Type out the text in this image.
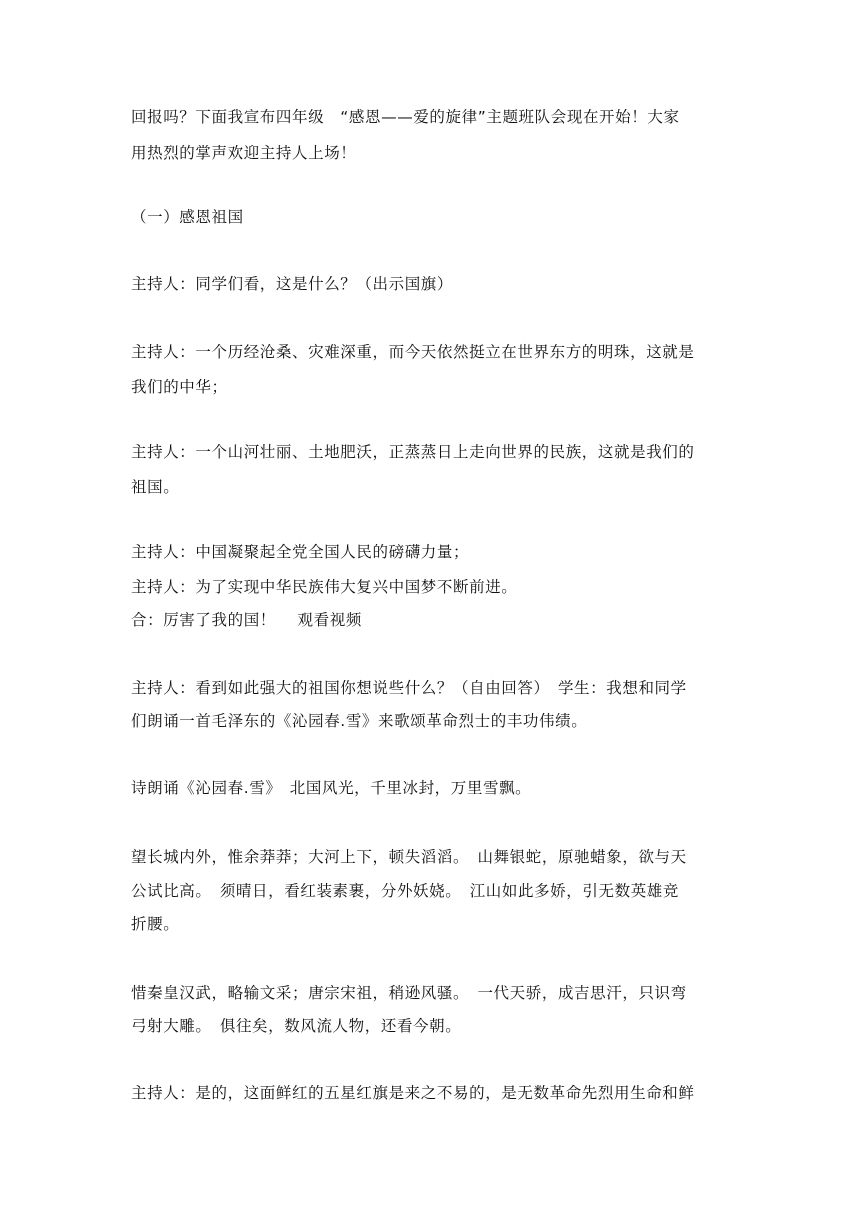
回报吗？下面我宣布四年级　“感恩——爱的旋律”主题班队会现在开始！大家

用热烈的掌声欢迎主持人上场！

（一）感恩祖国

主持人：同学们看，这是什么？（出示国旗）

主持人：一个历经沧桑、灾难深重，而今天依然挺立在世界东方的明珠，这就是

我们的中华；

主持人：一个山河壮丽、土地肥沃，正蒸蒸日上走向世界的民族，这就是我们的

祖国。

主持人：中国凝聚起全党全国人民的磅礴力量；

主持人：为了实现中华民族伟大复兴中国梦不断前进。

合：厉害了我的国！　 观看视频

主持人：看到如此强大的祖国你想说些什么？（自由回答）　学生：我想和同学

们朗诵一首毛泽东的《沁园春.雪》来歌颂革命烈士的丰功伟绩。

诗朗诵《沁园春.雪》　北国风光，千里冰封，万里雪飘。

望长城内外，惟余莽莽；大河上下，顿失滔滔。　山舞银蛇，原驰蜡象，欲与天

公试比高。　须晴日，看红装素裹，分外妖娆。　江山如此多娇，引无数英雄竞

折腰。

惜秦皇汉武，略输文采；唐宗宋祖，稍逊风骚。　一代天骄，成吉思汗，只识弯

弓射大雕。　俱往矣，数风流人物，还看今朝。

主持人：是的，这面鲜红的五星红旗是来之不易的，是无数革命先烈用生命和鲜
